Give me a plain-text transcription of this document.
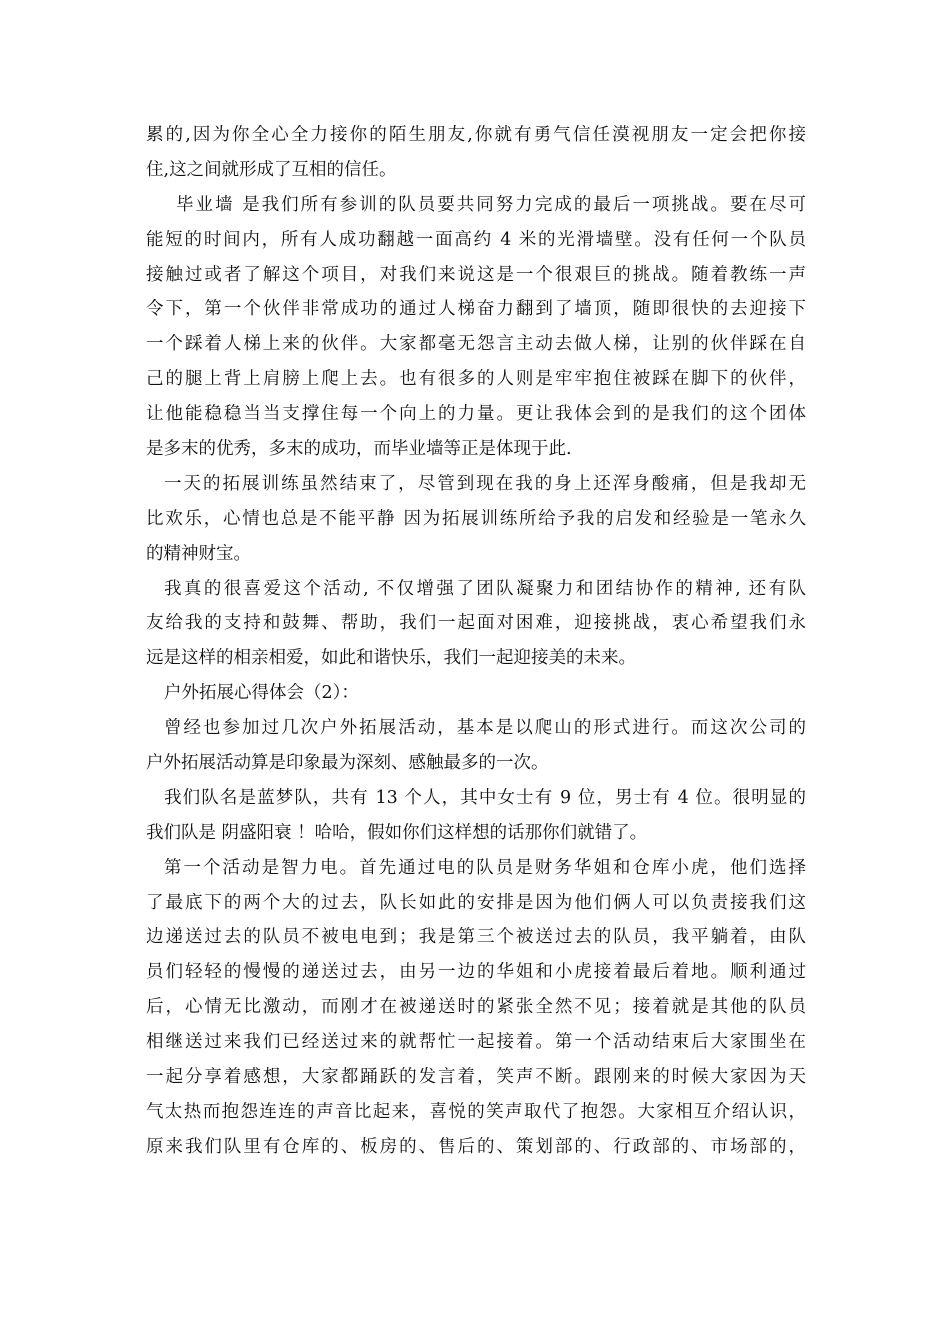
累的,因为你全心全力接你的陌生朋友,你就有勇气信任漠视朋友一定会把你接
住,这之间就形成了互相的信任。
毕业墙 是我们所有参训的队员要共同努力完成的最后一项挑战。要在尽可
能短的时间内，所有人成功翻越一面高约 4 米的光滑墙壁。没有任何一个队员
接触过或者了解这个项目，对我们来说这是一个很艰巨的挑战。随着教练一声
令下，第一个伙伴非常成功的通过人梯奋力翻到了墙顶，随即很快的去迎接下
一个踩着人梯上来的伙伴。大家都毫无怨言主动去做人梯，让别的伙伴踩在自
己的腿上背上肩膀上爬上去。也有很多的人则是牢牢抱住被踩在脚下的伙伴，
让他能稳稳当当支撑住每一个向上的力量。更让我体会到的是我们的这个团体
是多末的优秀，多末的成功，而毕业墙等正是体现于此.
一天的拓展训练虽然结束了，尽管到现在我的身上还浑身酸痛，但是我却无
比欢乐，心情也总是不能平静 因为拓展训练所给予我的启发和经验是一笔永久
的精神财宝。
我真的很喜爱这个活动, 不仅增强了团队凝聚力和团结协作的精神, 还有队
友给我的支持和鼓舞、帮助，我们一起面对困难，迎接挑战，衷心希望我们永
远是这样的相亲相爱，如此和谐快乐，我们一起迎接美的未来。
户外拓展心得体会（2）：
曾经也参加过几次户外拓展活动，基本是以爬山的形式进行。而这次公司的
户外拓展活动算是印象最为深刻、感触最多的一次。
我们队名是蓝梦队，共有 13 个人，其中女士有 9 位，男士有 4 位。很明显的
我们队是 阴盛阳衰 ！哈哈，假如你们这样想的话那你们就错了。
第一个活动是智力电。首先通过电的队员是财务华姐和仓库小虎，他们选择
了最底下的两个大的过去，队长如此的安排是因为他们俩人可以负责接我们这
边递送过去的队员不被电电到；我是第三个被送过去的队员，我平躺着，由队
员们轻轻的慢慢的递送过去，由另一边的华姐和小虎接着最后着地。顺利通过
后，心情无比激动，而刚才在被递送时的紧张全然不见；接着就是其他的队员
相继送过来我们已经送过来的就帮忙一起接着。第一个活动结束后大家围坐在
一起分享着感想，大家都踊跃的发言着，笑声不断。跟刚来的时候大家因为天
气太热而抱怨连连的声音比起来，喜悦的笑声取代了抱怨。大家相互介绍认识，
原来我们队里有仓库的、板房的、售后的、策划部的、行政部的、市场部的，
